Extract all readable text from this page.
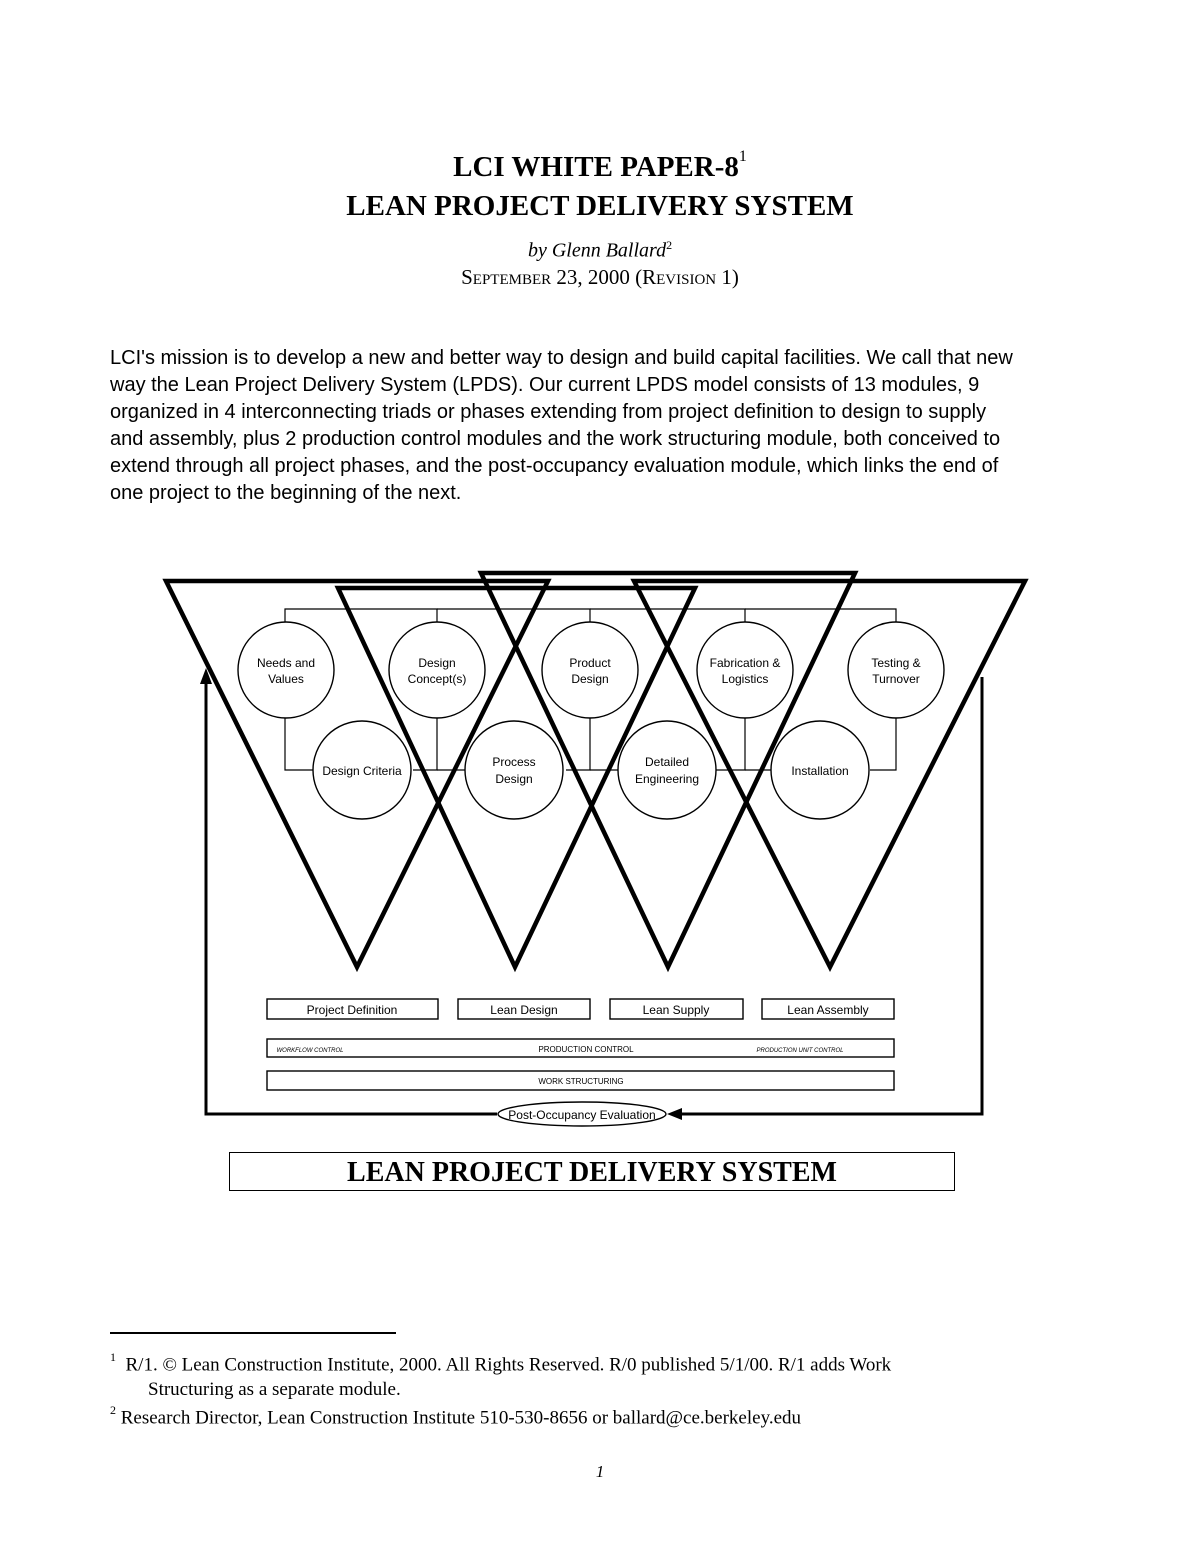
LCI WHITE PAPER-$8^1$
LEAN PROJECT DELIVERY SYSTEM
by Glenn Ballard$^2$
September 23, 2000 (Revision 1)
LCI's mission is to develop a new and better way to design and build capital facilities. We call that new
way the Lean Project Delivery System (LPDS). Our current LPDS model consists of 13 modules, 9
organized in 4 interconnecting triads or phases extending from project definition to design to supply
and assembly, plus 2 production control modules and the work structuring module, both conceived to
extend through all project phases, and the post-occupancy evaluation module, which links the end of
one project to the beginning of the next.
Needs and
Values
Design
Concept(s)
Product
Design
Fabrication &
Logistics
Testing &
Turnover
Design Criteria
Process
Design
Detailed
Engineering
Installation
Project Definition	Lean Design	Lean Supply	Lean Assembly
WORKFLOW CONTROL	PRODUCTION CONTROL	PRODUCTION UNIT CONTROL
WORK STRUCTURING
Post-Occupancy Evaluation
LEAN PROJECT DELIVERY SYSTEM
$^1$ R/1. © Lean Construction Institute, 2000. All Rights Reserved. R/0 published 5/1/00. R/1 adds Work
Structuring as a separate module.
$^2$ Research Director, Lean Construction Institute 510-530-8656 or ballard@ce.berkeley.edu
1
